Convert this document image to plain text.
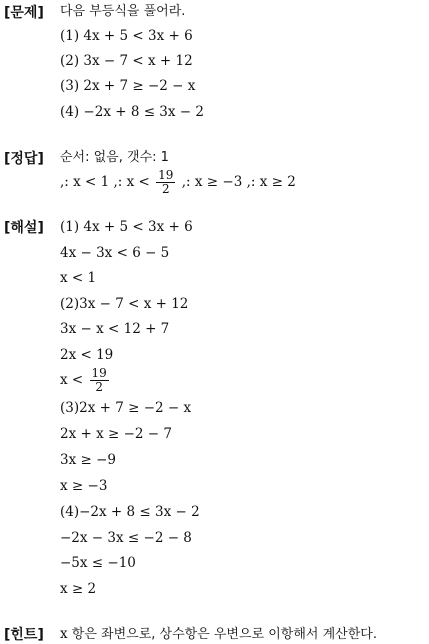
[문제] 다음 부등식을 풀어라.
(1) 4x + 5 < 3x + 6
(2) 3x − 7 < x + 12
(3) 2x + 7 ≥ −2 − x
(4) −2x + 8 ≤ 3x − 2
[정답] 순서: 없음, 갯수: 1
,: x < 1 ,: $x < \frac{19}{2}$ ,: x ≥ −3 ,: x ≥ 2
[해설] (1) 4x + 5 < 3x + 6
4x − 3x < 6 − 5
x < 1
(2)3x − 7 < x + 12
3x − x < 12 + 7
2x < 19
$x < \frac{19}{2}$
(3)2x + 7 ≥ −2 − x
2x + x ≥ −2 − 7
3x ≥ −9
x ≥ −3
(4)−2x + 8 ≤ 3x − 2
−2x − 3x ≤ −2 − 8
−5x ≤ −10
x ≥ 2
[힌트] x 항은 좌변으로, 상수항은 우변으로 이항해서 계산한다.
